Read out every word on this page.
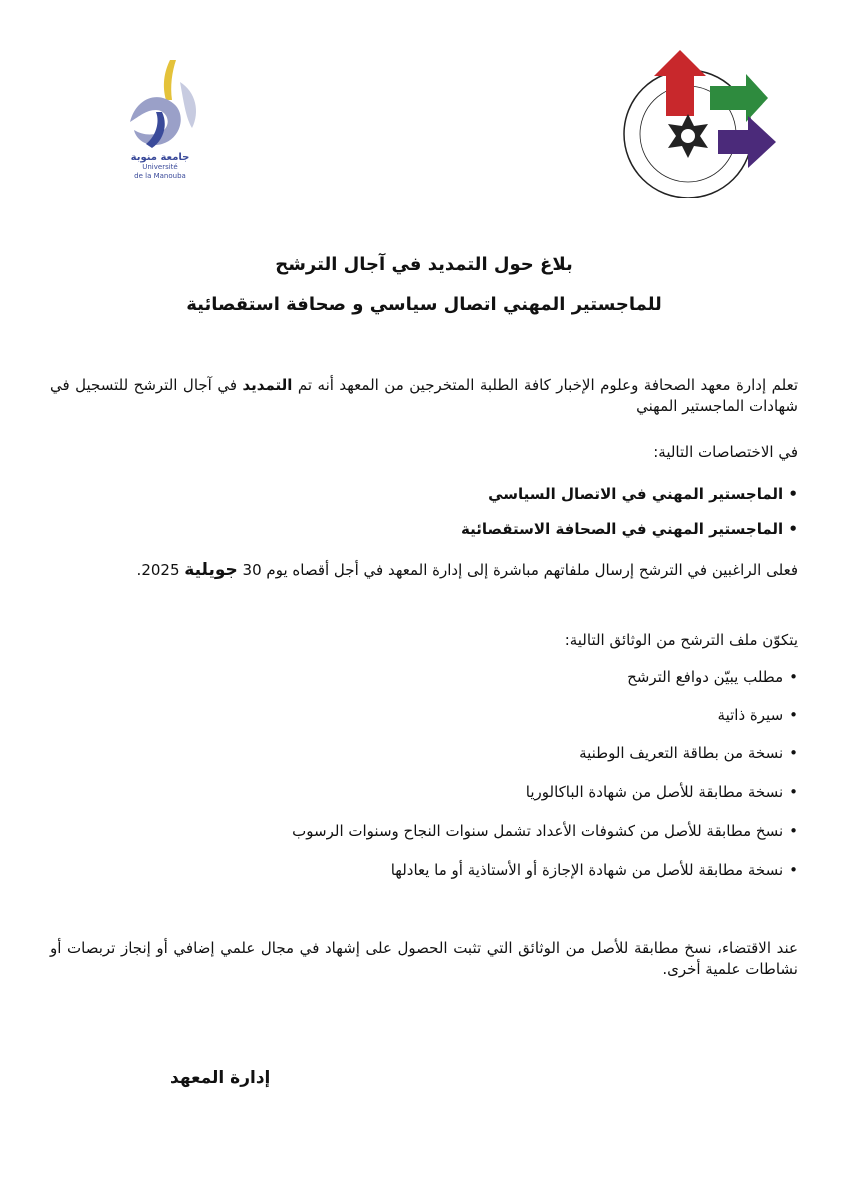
جامعة منوبة
Université
de la Manouba
بلاغ حول التمديد في آجال الترشح
للماجستير المهني اتصال سياسي و صحافة استقصائية
تعلم إدارة معهد الصحافة وعلوم الإخبار كافة الطلبة المتخرجين من المعهد أنه تم التمديد في آجال الترشح للتسجيل في شهادات الماجستير المهني
في الاختصاصات التالية:
• الماجستير المهني في الاتصال السياسي
• الماجستير المهني في الصحافة الاستقصائية
فعلى الراغبين في الترشح إرسال ملفاتهم مباشرة إلى إدارة المعهد في أجل أقصاه يوم 30 جويلية 2025.
يتكوّن ملف الترشح من الوثائق التالية:
•مطلب يبيّن دوافع الترشح
•سيرة ذاتية
•نسخة من بطاقة التعريف الوطنية
•نسخة مطابقة للأصل من شهادة الباكالوريا
•نسخ مطابقة للأصل من كشوفات الأعداد تشمل سنوات النجاح وسنوات الرسوب
•نسخة مطابقة للأصل من شهادة الإجازة أو الأستاذية أو ما يعادلها
عند الاقتضاء، نسخ مطابقة للأصل من الوثائق التي تثبت الحصول على إشهاد في مجال علمي إضافي أو إنجاز تربصات أو نشاطات علمية أخرى.
إدارة المعهد
